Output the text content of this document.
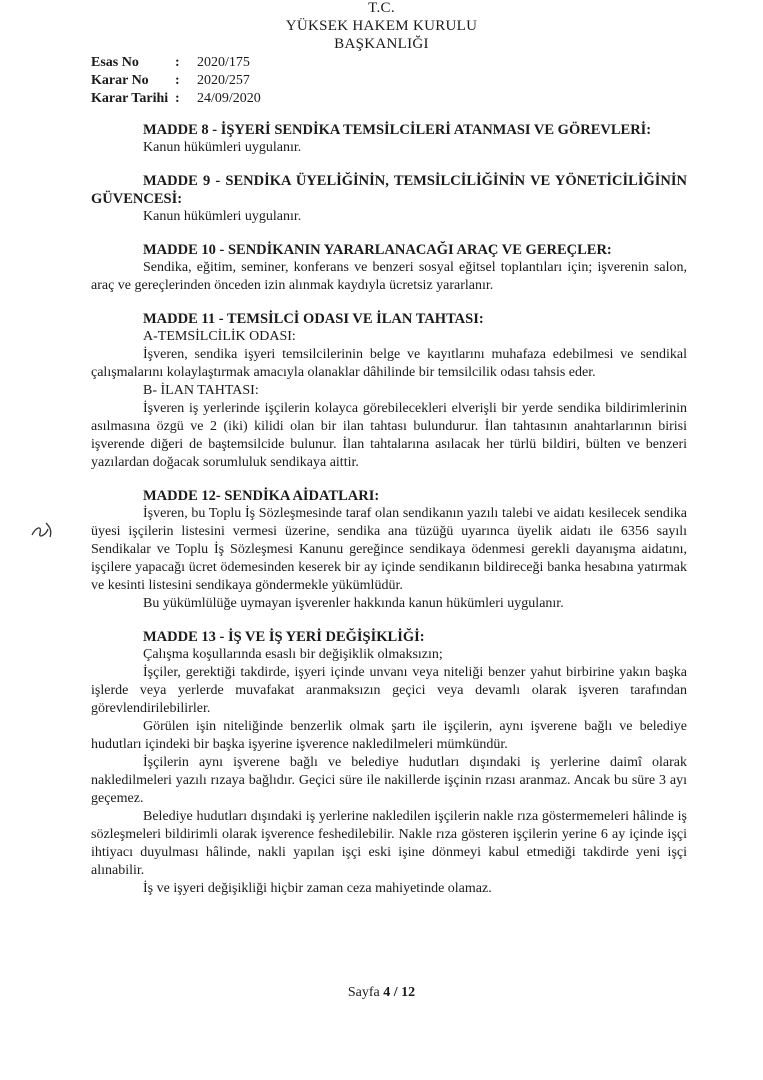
T.C.
YÜKSEK HAKEM KURULU
BAŞKANLIĞI
Esas No	:	2020/175
Karar No	:	2020/257
Karar Tarihi :	24/09/2020

MADDE 8 - İŞYERİ SENDİKA TEMSİLCİLERİ ATANMASI VE GÖREVLERİ:

Kanun hükümleri uygulanır.

MADDE 9 - SENDİKA ÜYELİĞİNİN, TEMSİLCİLİĞİNİN VE YÖNETİCİLİĞİNİN GÜVENCESİ:

Kanun hükümleri uygulanır.

MADDE 10 - SENDİKANIN YARARLANACAĞI ARAÇ VE GEREÇLER:

Sendika, eğitim, seminer, konferans ve benzeri sosyal eğitsel toplantıları için; işverenin salon, araç ve gereçlerinden önceden izin alınmak kaydıyla ücretsiz yararlanır.

MADDE 11 - TEMSİLCİ ODASI VE İLAN TAHTASI:

A-TEMSİLCİLİK ODASI:

İşveren, sendika işyeri temsilcilerinin belge ve kayıtlarını muhafaza edebilmesi ve sendikal çalışmalarını kolaylaştırmak amacıyla olanaklar dâhilinde bir temsilcilik odası tahsis eder.

B- İLAN TAHTASI:

İşveren iş yerlerinde işçilerin kolayca görebilecekleri elverişli bir yerde sendika bildirimlerinin asılmasına özgü ve 2 (iki) kilidi olan bir ilan tahtası bulundurur. İlan tahtasının anahtarlarının birisi işverende diğeri de baştemsilcide bulunur. İlan tahtalarına asılacak her türlü bildiri, bülten ve benzeri yazılardan doğacak sorumluluk sendikaya aittir.

MADDE 12- SENDİKA AİDATLARI:

İşveren, bu Toplu İş Sözleşmesinde taraf olan sendikanın yazılı talebi ve aidatı kesilecek sendika üyesi işçilerin listesini vermesi üzerine, sendika ana tüzüğü uyarınca üyelik aidatı ile 6356 sayılı Sendikalar ve Toplu İş Sözleşmesi Kanunu gereğince sendikaya ödenmesi gerekli dayanışma aidatını, işçilere yapacağı ücret ödemesinden keserek bir ay içinde sendikanın bildireceği banka hesabına yatırmak ve kesinti listesini sendikaya göndermekle yükümlüdür.

Bu yükümlülüğe uymayan işverenler hakkında kanun hükümleri uygulanır.

MADDE 13 - İŞ VE İŞ YERİ DEĞİŞİKLİĞİ:

Çalışma koşullarında esaslı bir değişiklik olmaksızın;

İşçiler, gerektiği takdirde, işyeri içinde unvanı veya niteliği benzer yahut birbirine yakın başka işlerde veya yerlerde muvafakat aranmaksızın geçici veya devamlı olarak işveren tarafından görevlendirilebilirler.

Görülen işin niteliğinde benzerlik olmak şartı ile işçilerin, aynı işverene bağlı ve belediye hudutları içindeki bir başka işyerine işverence nakledilmeleri mümkündür.

İşçilerin aynı işverene bağlı ve belediye hudutları dışındaki iş yerlerine daimî olarak nakledilmeleri yazılı rızaya bağlıdır. Geçici süre ile nakillerde işçinin rızası aranmaz. Ancak bu süre 3 ayı geçemez.

Belediye hudutları dışındaki iş yerlerine nakledilen işçilerin nakle rıza göstermemeleri hâlinde iş sözleşmeleri bildirimli olarak işverence feshedilebilir. Nakle rıza gösteren işçilerin yerine 6 ay içinde işçi ihtiyacı duyulması hâlinde, nakli yapılan işçi eski işine dönmeyi kabul etmediği takdirde yeni işçi alınabilir.

İş ve işyeri değişikliği hiçbir zaman ceza mahiyetinde olamaz.

Sayfa 4 / 12
